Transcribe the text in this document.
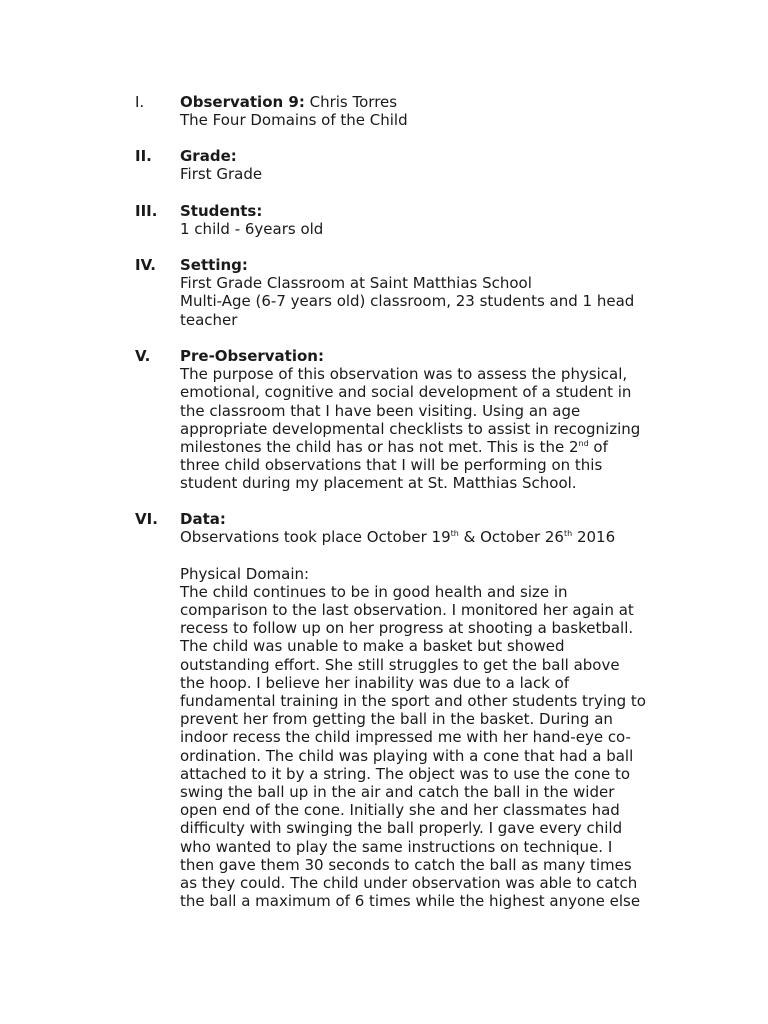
I. Observation 9: Chris Torres
The Four Domains of the Child
II. Grade:
First Grade
III. Students:
1 child - 6years old
IV. Setting:
First Grade Classroom at Saint Matthias School
Multi-Age (6-7 years old) classroom, 23 students and 1 head
teacher
V. Pre-Observation:
The purpose of this observation was to assess the physical,
emotional, cognitive and social development of a student in
the classroom that I have been visiting. Using an age
appropriate developmental checklists to assist in recognizing
milestones the child has or has not met. This is the 2nd of
three child observations that I will be performing on this
student during my placement at St. Matthias School.
VI. Data:
Observations took place October 19th & October 26th 2016
Physical Domain:
The child continues to be in good health and size in
comparison to the last observation. I monitored her again at
recess to follow up on her progress at shooting a basketball.
The child was unable to make a basket but showed
outstanding effort. She still struggles to get the ball above
the hoop. I believe her inability was due to a lack of
fundamental training in the sport and other students trying to
prevent her from getting the ball in the basket. During an
indoor recess the child impressed me with her hand-eye co-
ordination. The child was playing with a cone that had a ball
attached to it by a string. The object was to use the cone to
swing the ball up in the air and catch the ball in the wider
open end of the cone. Initially she and her classmates had
difficulty with swinging the ball properly. I gave every child
who wanted to play the same instructions on technique. I
then gave them 30 seconds to catch the ball as many times
as they could. The child under observation was able to catch
the ball a maximum of 6 times while the highest anyone else
